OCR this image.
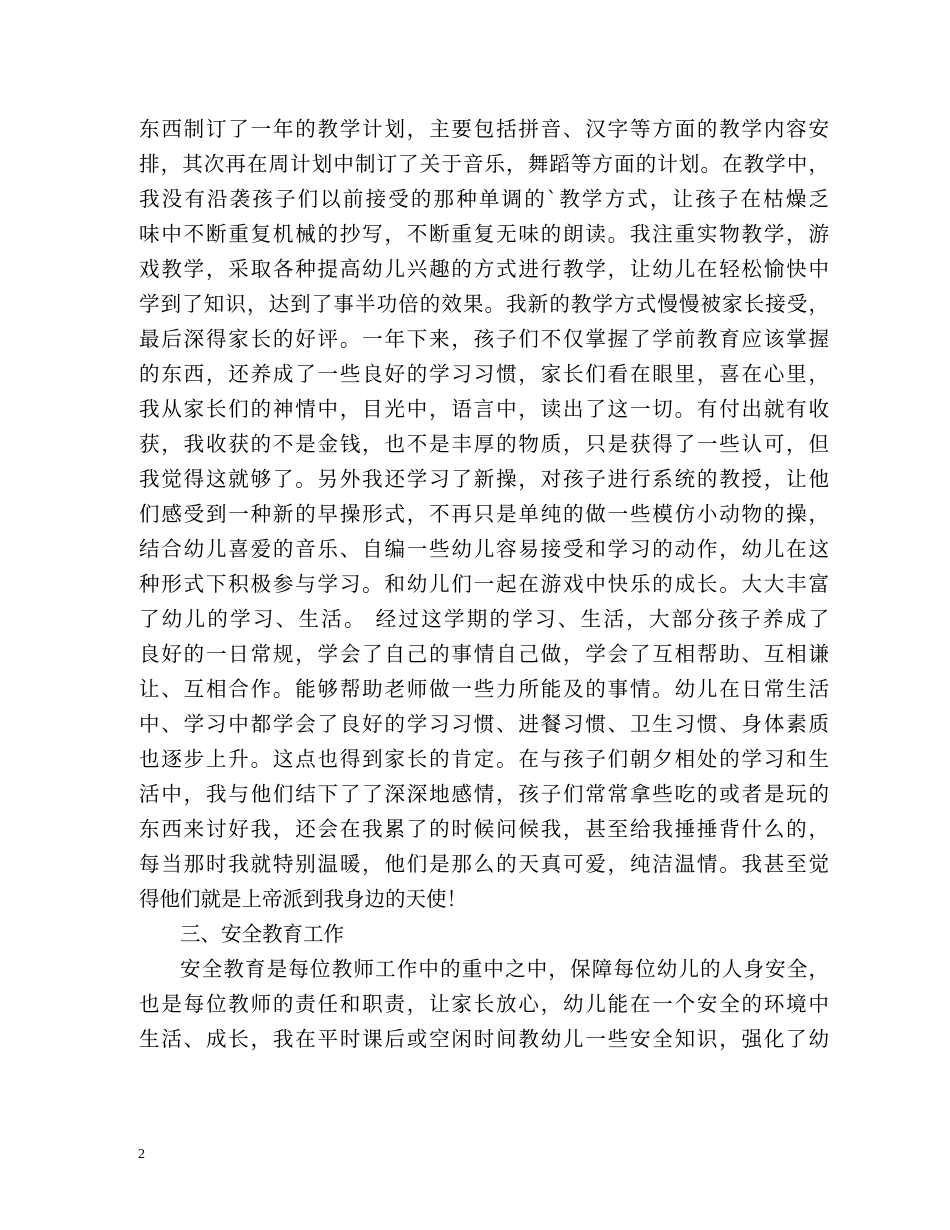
东西制订了一年的教学计划，主要包括拼音、汉字等方面的教学内容安
排，其次再在周计划中制订了关于音乐，舞蹈等方面的计划。在教学中，
我没有沿袭孩子们以前接受的那种单调的`教学方式，让孩子在枯燥乏
味中不断重复机械的抄写，不断重复无味的朗读。我注重实物教学，游
戏教学，采取各种提高幼儿兴趣的方式进行教学，让幼儿在轻松愉快中
学到了知识，达到了事半功倍的效果。我新的教学方式慢慢被家长接受，
最后深得家长的好评。一年下来，孩子们不仅掌握了学前教育应该掌握
的东西，还养成了一些良好的学习习惯，家长们看在眼里，喜在心里，
我从家长们的神情中，目光中，语言中，读出了这一切。有付出就有收
获，我收获的不是金钱，也不是丰厚的物质，只是获得了一些认可，但
我觉得这就够了。另外我还学习了新操，对孩子进行系统的教授，让他
们感受到一种新的早操形式，不再只是单纯的做一些模仿小动物的操，
结合幼儿喜爱的音乐、自编一些幼儿容易接受和学习的动作，幼儿在这
种形式下积极参与学习。和幼儿们一起在游戏中快乐的成长。大大丰富
了幼儿的学习、生活。 经过这学期的学习、生活，大部分孩子养成了
良好的一日常规，学会了自己的事情自己做，学会了互相帮助、互相谦
让、互相合作。能够帮助老师做一些力所能及的事情。幼儿在日常生活
中、学习中都学会了良好的学习习惯、进餐习惯、卫生习惯、身体素质
也逐步上升。这点也得到家长的肯定。在与孩子们朝夕相处的学习和生
活中，我与他们结下了了深深地感情，孩子们常常拿些吃的或者是玩的
东西来讨好我，还会在我累了的时候问候我，甚至给我捶捶背什么的，
每当那时我就特别温暖，他们是那么的天真可爱，纯洁温情。我甚至觉
得他们就是上帝派到我身边的天使！
三、安全教育工作
安全教育是每位教师工作中的重中之中，保障每位幼儿的人身安全，
也是每位教师的责任和职责，让家长放心，幼儿能在一个安全的环境中
生活、成长，我在平时课后或空闲时间教幼儿一些安全知识，强化了幼
2
